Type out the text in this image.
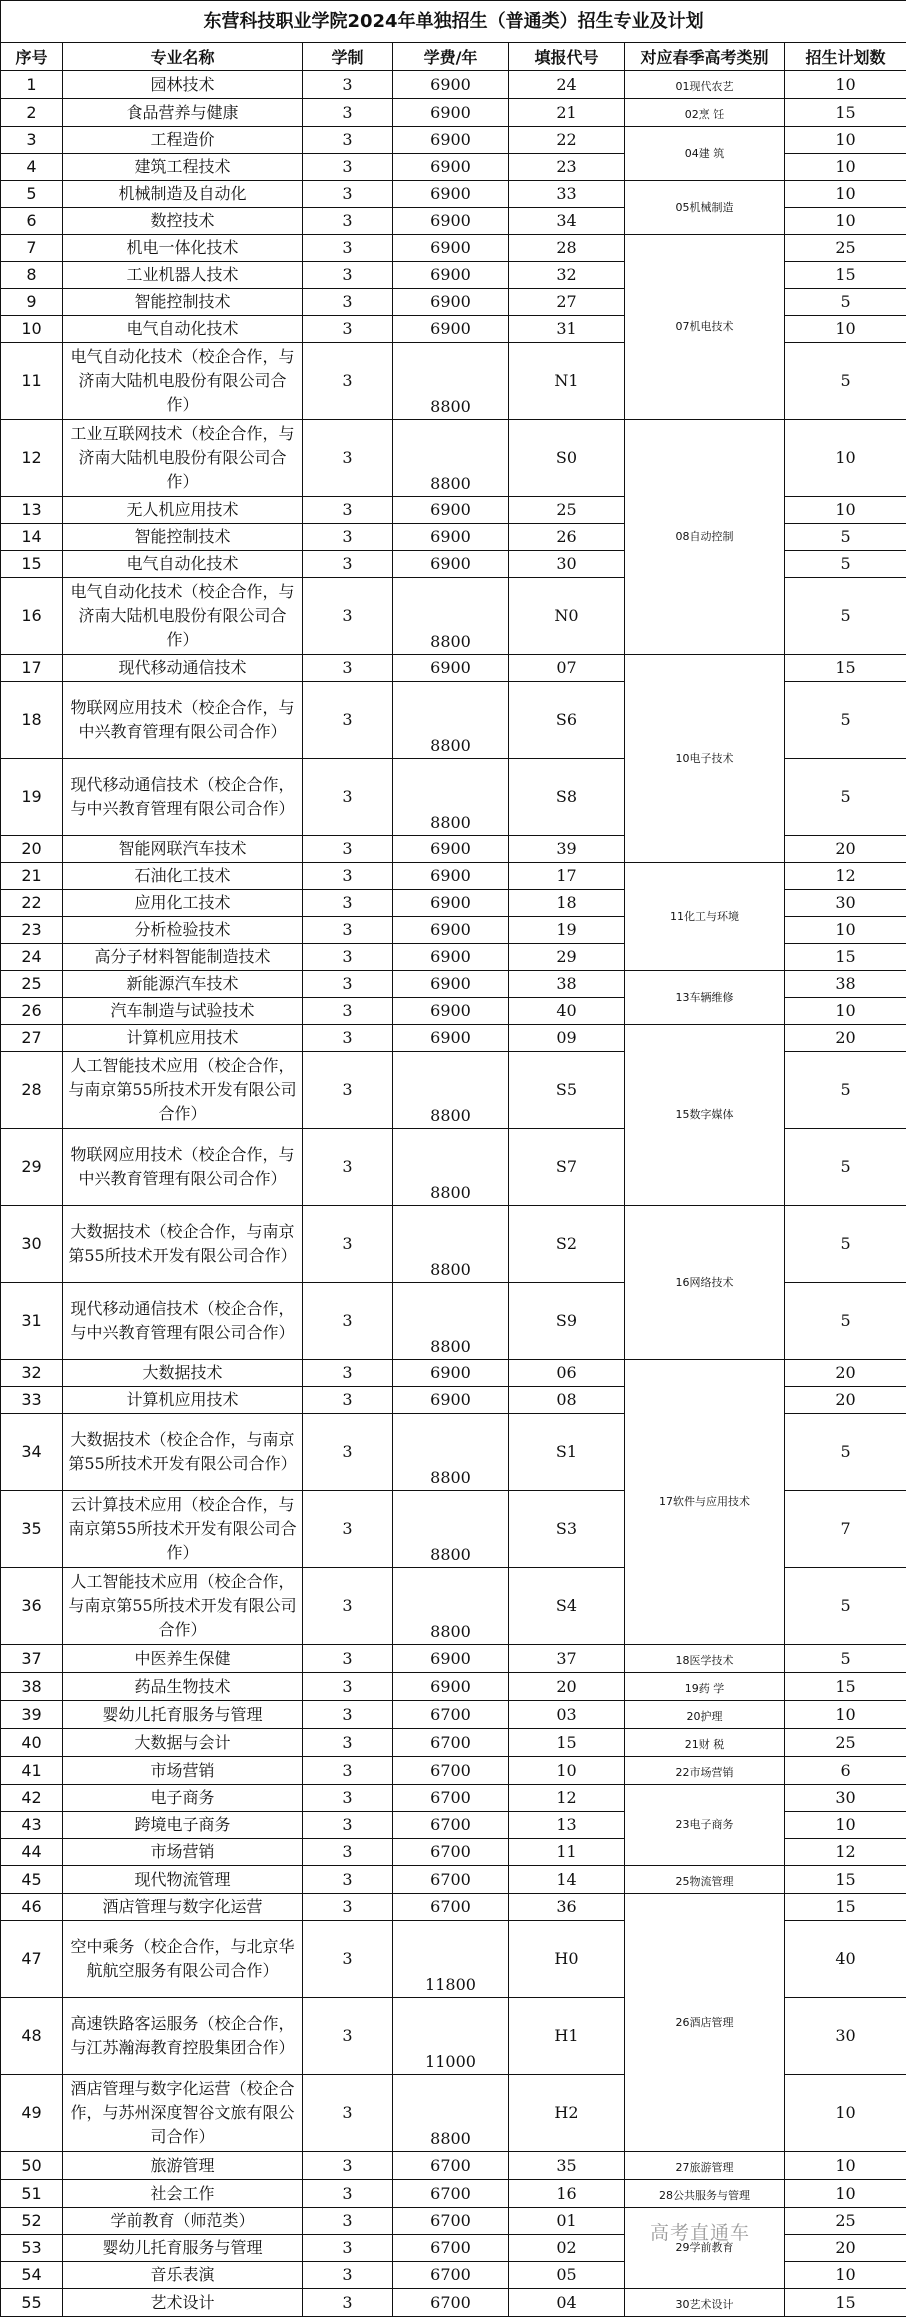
东营科技职业学院2024年单独招生（普通类）招生专业及计划						
序号	专业名称	学制	学费/年	填报代号	对应春季高考类别	招生计划数
1	园林技术	3	6900	24	01现代农艺	10
2	食品营养与健康	3	6900	21	02烹 饪	15
3	工程造价	3	6900	22	04建 筑	10
4	建筑工程技术	3	6900	23		10
5	机械制造及自动化	3	6900	33	05机械制造	10
6	数控技术	3	6900	34		10
7	机电一体化技术	3	6900	28	07机电技术	25
8	工业机器人技术	3	6900	32		15
9	智能控制技术	3	6900	27		5
10	电气自动化技术	3	6900	31		10
11	电气自动化技术（校企合作，与济南大陆机电股份有限公司合作）	3	8800	N1		5
12	工业互联网技术（校企合作，与济南大陆机电股份有限公司合作）	3	8800	S0	08自动控制	10
13	无人机应用技术	3	6900	25		10
14	智能控制技术	3	6900	26		5
15	电气自动化技术	3	6900	30		5
16	电气自动化技术（校企合作，与济南大陆机电股份有限公司合作）	3	8800	N0		5
17	现代移动通信技术	3	6900	07	10电子技术	15
18	物联网应用技术（校企合作，与中兴教育管理有限公司合作）	3	8800	S6		5
19	现代移动通信技术（校企合作，与中兴教育管理有限公司合作）	3	8800	S8		5
20	智能网联汽车技术	3	6900	39		20
21	石油化工技术	3	6900	17	11化工与环境	12
22	应用化工技术	3	6900	18		30
23	分析检验技术	3	6900	19		10
24	高分子材料智能制造技术	3	6900	29		15
25	新能源汽车技术	3	6900	38	13车辆维修	38
26	汽车制造与试验技术	3	6900	40		10
27	计算机应用技术	3	6900	09	15数字媒体	20
28	人工智能技术应用（校企合作，与南京第55所技术开发有限公司合作）	3	8800	S5		5
29	物联网应用技术（校企合作，与中兴教育管理有限公司合作）	3	8800	S7		5
30	大数据技术（校企合作，与南京第55所技术开发有限公司合作）	3	8800	S2	16网络技术	5
31	现代移动通信技术（校企合作，与中兴教育管理有限公司合作）	3	8800	S9		5
32	大数据技术	3	6900	06	17软件与应用技术	20
33	计算机应用技术	3	6900	08		20
34	大数据技术（校企合作，与南京第55所技术开发有限公司合作）	3	8800	S1		5
35	云计算技术应用（校企合作，与南京第55所技术开发有限公司合作）	3	8800	S3		7
36	人工智能技术应用（校企合作，与南京第55所技术开发有限公司合作）	3	8800	S4		5
37	中医养生保健	3	6900	37	18医学技术	5
38	药品生物技术	3	6900	20	19药 学	15
39	婴幼儿托育服务与管理	3	6700	03	20护理	10
40	大数据与会计	3	6700	15	21财 税	25
41	市场营销	3	6700	10	22市场营销	6
42	电子商务	3	6700	12	23电子商务	30
43	跨境电子商务	3	6700	13		10
44	市场营销	3	6700	11		12
45	现代物流管理	3	6700	14	25物流管理	15
46	酒店管理与数字化运营	3	6700	36	26酒店管理	15
47	空中乘务（校企合作，与北京华航航空服务有限公司合作）	3	11800	H0		40
48	高速铁路客运服务（校企合作，与江苏瀚海教育控股集团合作）	3	11000	H1		30
49	酒店管理与数字化运营（校企合作，与苏州深度智谷文旅有限公司合作）	3	8800	H2		10
50	旅游管理	3	6700	35	27旅游管理	10
51	社会工作	3	6700	16	28公共服务与管理	10
52	学前教育（师范类）	3	6700	01	29学前教育	25
53	婴幼儿托育服务与管理	3	6700	02		20
54	音乐表演	3	6700	05		10
55	艺术设计	3	6700	04	30艺术设计	15
高考直通车
